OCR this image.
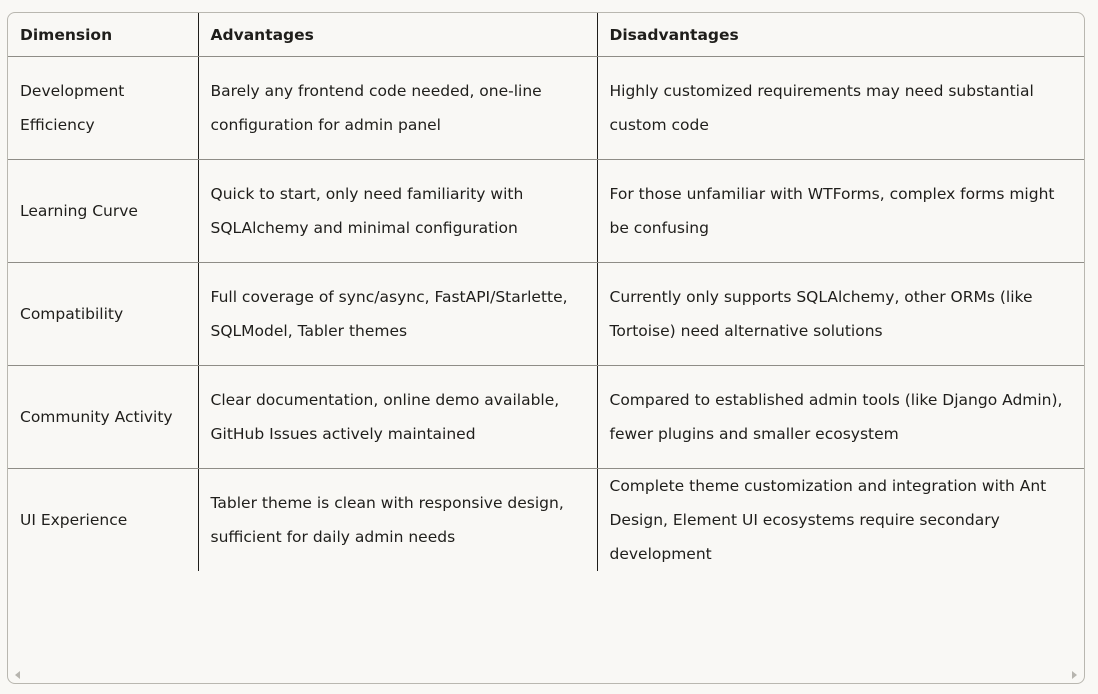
Dimension	Advantages	Disadvantages
Development Efficiency	Barely any frontend code needed, one-line configuration for admin panel	Highly customized requirements may need substantial custom code
Learning Curve	Quick to start, only need familiarity with SQLAlchemy and minimal configuration	For those unfamiliar with WTForms, complex forms might be confusing
Compatibility	Full coverage of sync/async, FastAPI/Starlette, SQLModel, Tabler themes	Currently only supports SQLAlchemy, other ORMs (like Tortoise) need alternative solutions
Community Activity	Clear documentation, online demo available, GitHub Issues actively maintained	Compared to established admin tools (like Django Admin), fewer plugins and smaller ecosystem
UI Experience	Tabler theme is clean with responsive design, sufficient for daily admin needs	Complete theme customization and integration with Ant Design, Element UI ecosystems require secondary development
